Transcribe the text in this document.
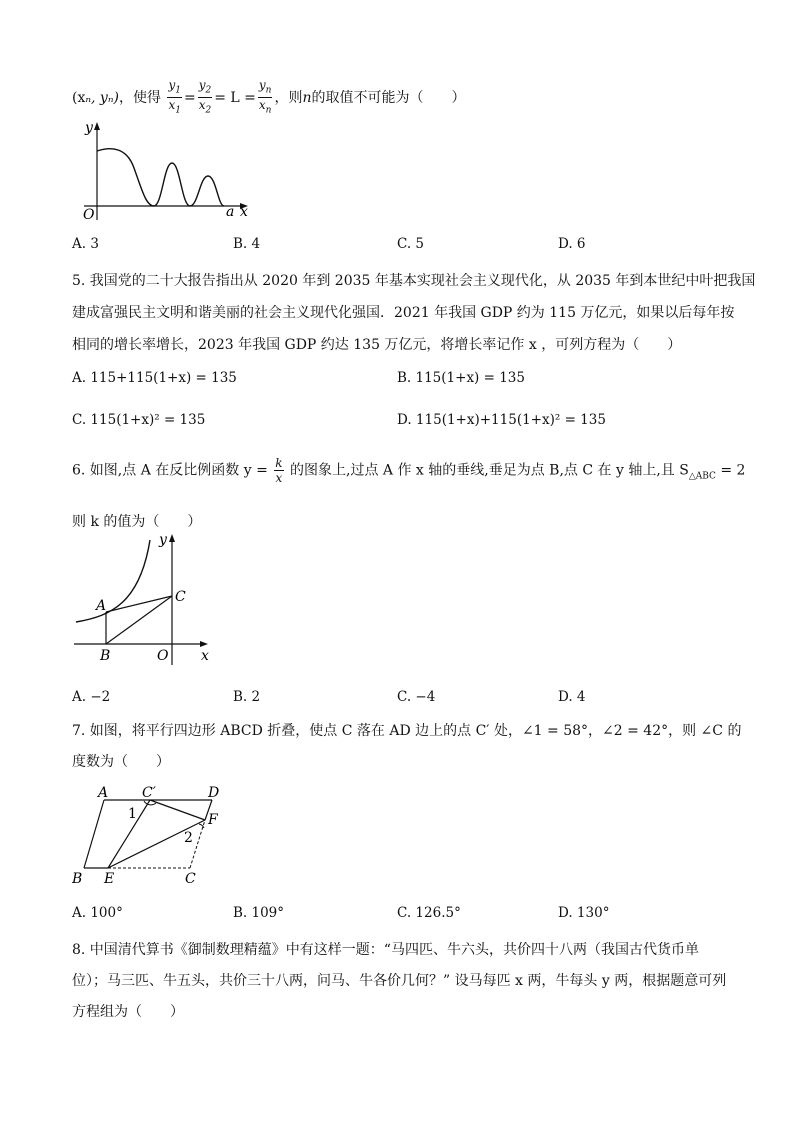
(xₙ, yₙ)，使得 $\frac{y_1}{x_1} = \frac{y_2}{x_2} = L = \frac{y_n}{x_n}$ ，则n的取值不可能为（　　）
y
O	a x
A. 3	B. 4	C. 5	D. 6
5. 我国党的二十大报告指出从 2020 年到 2035 年基本实现社会主义现代化，从 2035 年到本世纪中叶把我国
建成富强民主文明和谐美丽的社会主义现代化强国．2021 年我国 GDP 约为 115 万亿元，如果以后每年按
相同的增长率增长，2023 年我国 GDP 约达 135 万亿元，将增长率记作 x ，可列方程为（　　）
A. 115+115(1+x) = 135	B. 115(1+x) = 135
C. 115(1+x)² = 135	D. 115(1+x)+115(1+x)² = 135
6. 如图,点 A 在反比例函数 $y = \frac{k}{x}$ 的图象上,过点 A 作 x 轴的垂线,垂足为点 B,点 C 在 y 轴上,且 $S_{\triangle ABC} = 2$
则 k 的值为（　　）
y
A
C
B	O x
A. −2	B. 2	C. −4	D. 4
7. 如图，将平行四边形 ABCD 折叠，使点 C 落在 AD 边上的点 C′ 处，∠1 = 58°，∠2 = 42°，则 ∠C 的
度数为（　　）
A C′	D
1	F
2
B E	C
A. 100°	B. 109°	C. 126.5°	D. 130°
8. 中国清代算书《御制数理精蕴》中有这样一题：“马四匹、牛六头，共价四十八两（我国古代货币单
位）；马三匹、牛五头，共价三十八两，问马、牛各价几何？” 设马每匹 x 两，牛每头 y 两，根据题意可列
方程组为（　　）
